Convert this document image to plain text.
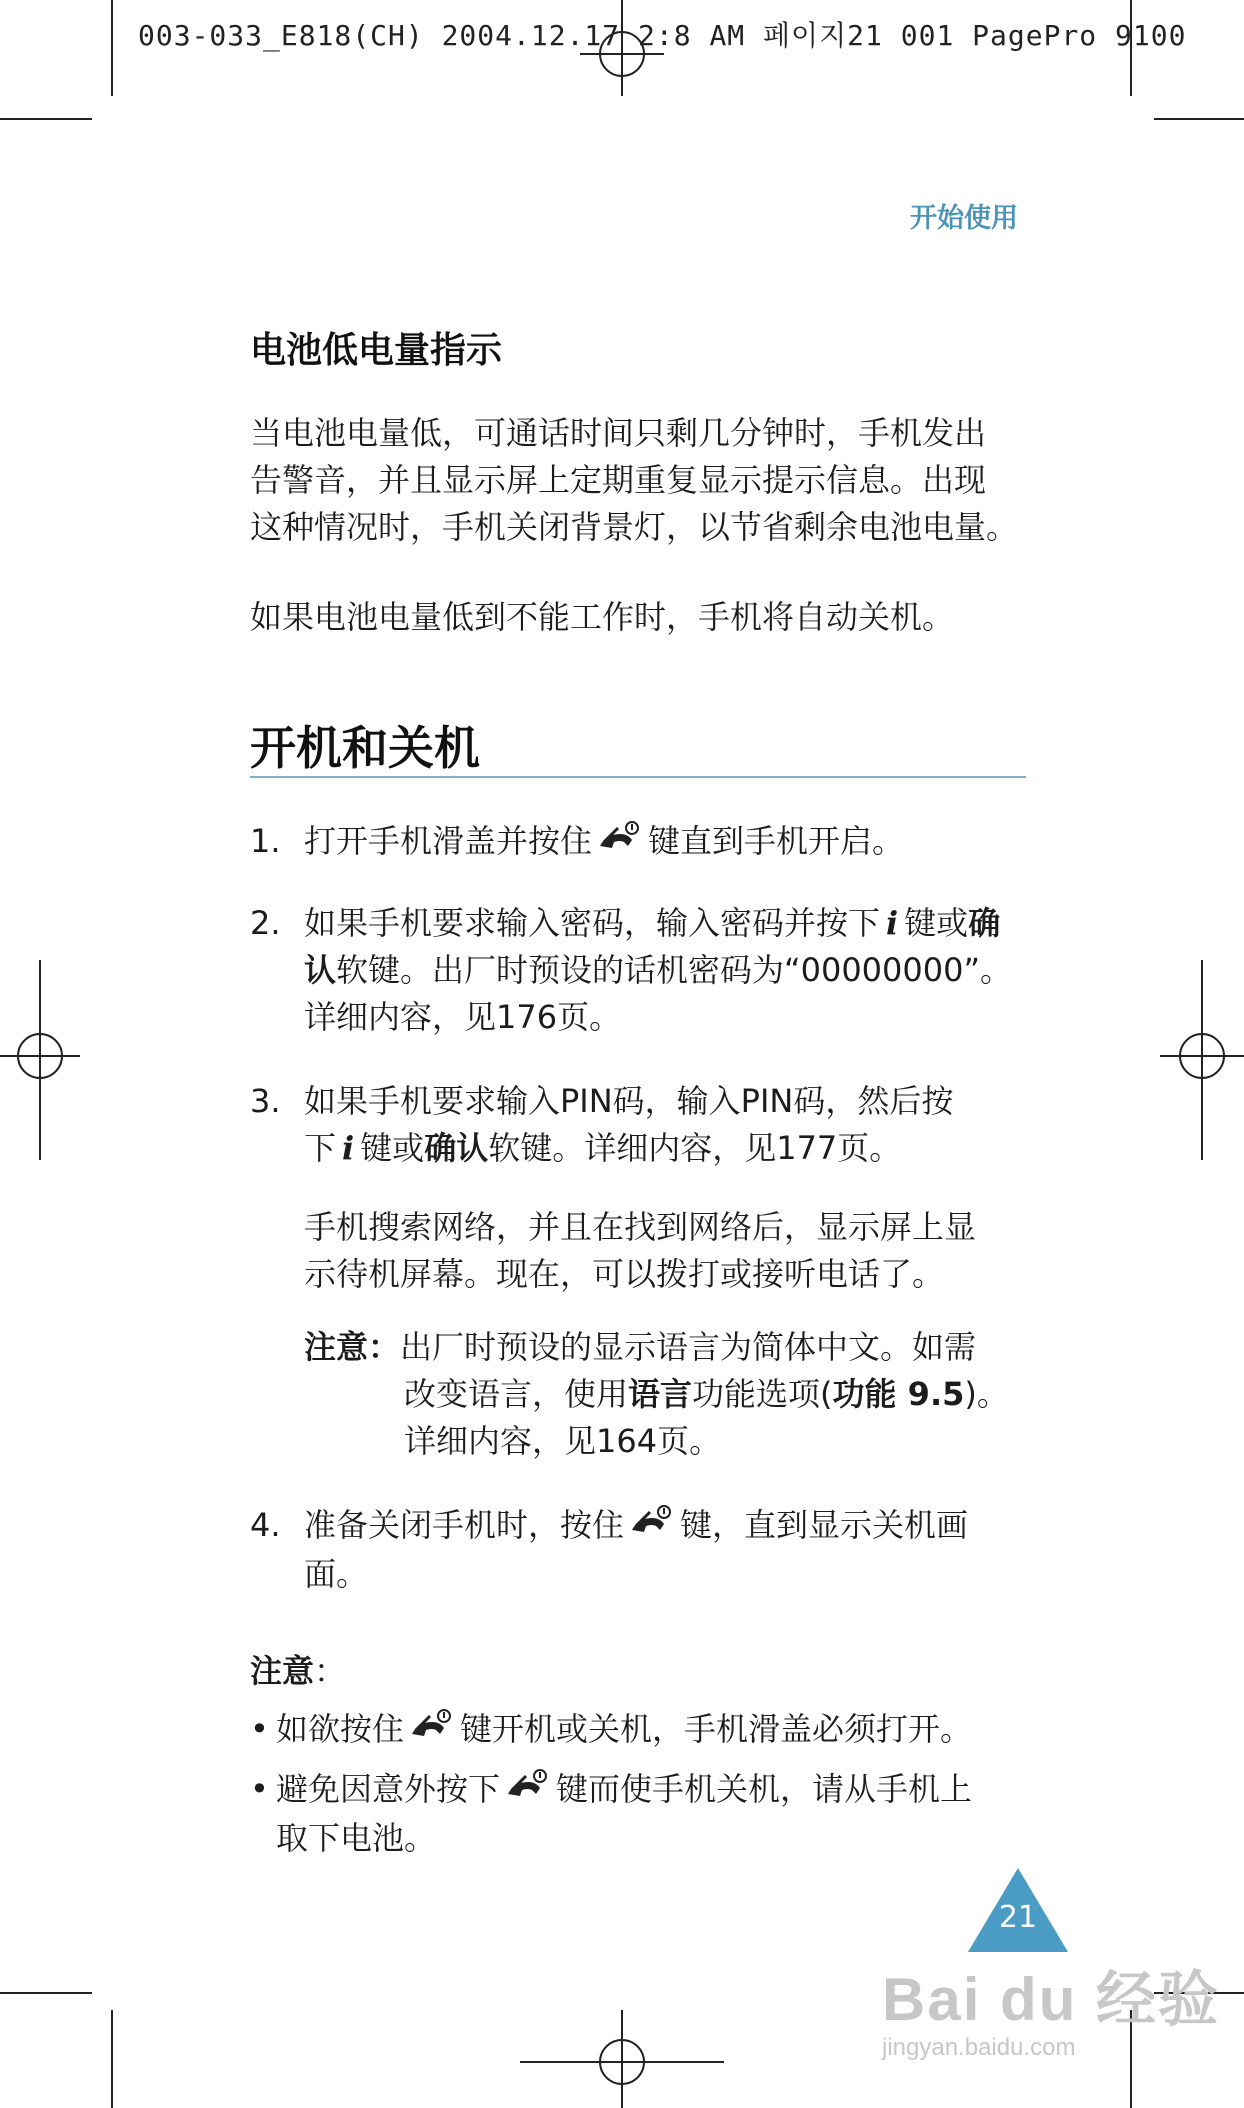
003-033_E818(CH) 2004.12.17 2:8 AM 페이지21 001 PagePro 9100
开始使用
电池低电量指示
当电池电量低，可通话时间只剩几分钟时，手机发出
告警音，并且显示屏上定期重复显示提示信息。出现
这种情况时，手机关闭背景灯，以节省剩余电池电量。
如果电池电量低到不能工作时，手机将自动关机。
开机和关机
1. 打开手机滑盖并按住 键直到手机开启。
2. 如果手机要求输入密码，输入密码并按下 i 键或确
认软键。出厂时预设的话机密码为“00000000”。
详细内容，见176页。
3. 如果手机要求输入PIN码，输入PIN码，然后按
下 i 键或确认软键。详细内容，见177页。
手机搜索网络，并且在找到网络后，显示屏上显
示待机屏幕。现在，可以拨打或接听电话了。
注意：出厂时预设的显示语言为简体中文。如需
改变语言，使用语言功能选项(功能 9.5)。
详细内容，见164页。
4. 准备关闭手机时，按住 键，直到显示关机画
面。
注意：
• 如欲按住 键开机或关机，手机滑盖必须打开。
• 避免因意外按下 键而使手机关机，请从手机上
取下电池。
21
Bai du 经验
jingyan.baidu.com
